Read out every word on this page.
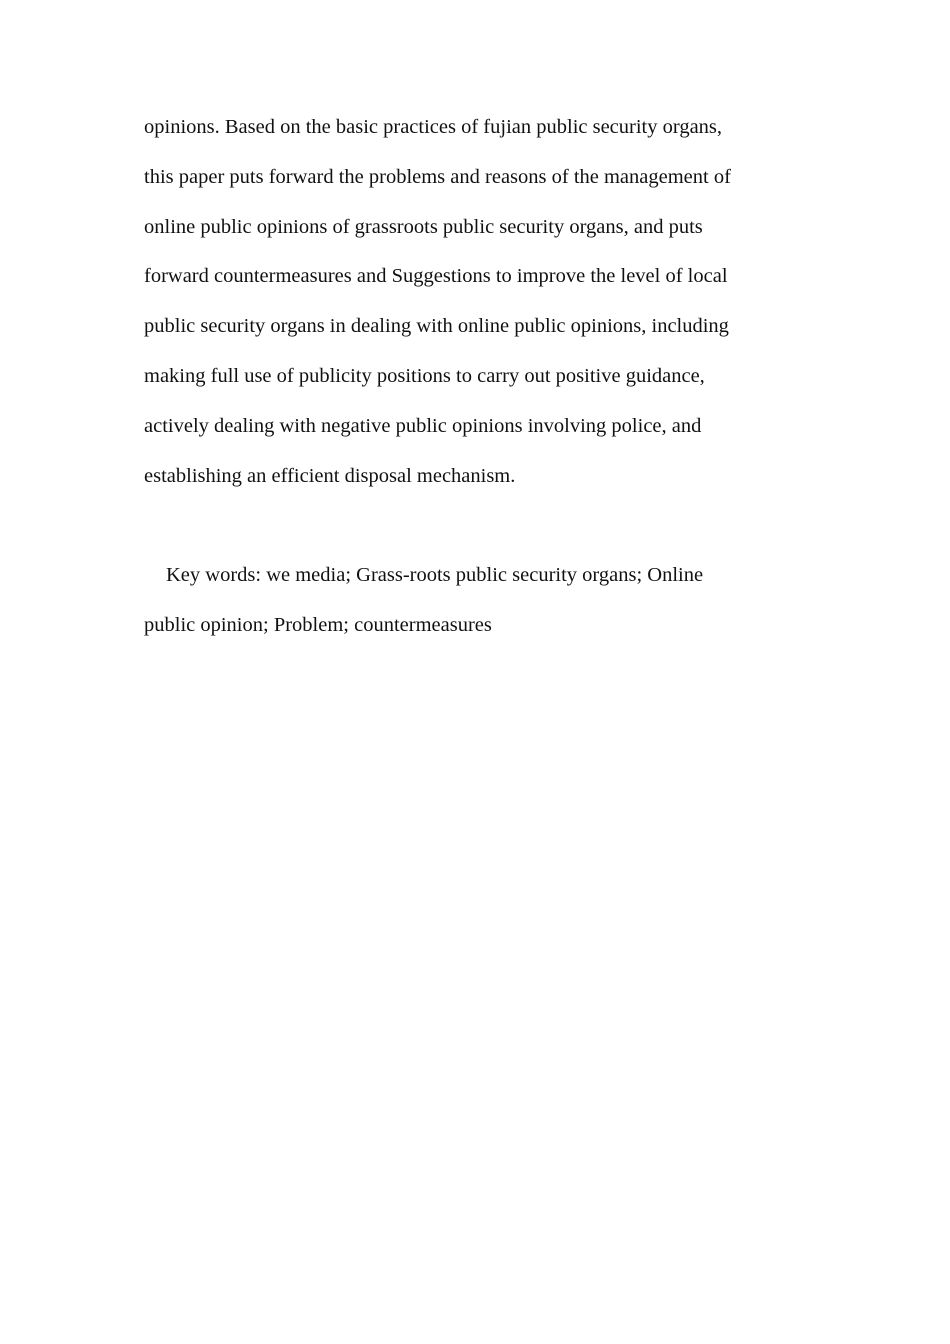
opinions. Based on the basic practices of fujian public security organs,
this paper puts forward the problems and reasons of the management of
online public opinions of grassroots public security organs, and puts
forward countermeasures and Suggestions to improve the level of local
public security organs in dealing with online public opinions, including
making full use of publicity positions to carry out positive guidance,
actively dealing with negative public opinions involving police, and
establishing an efficient disposal mechanism.
Key words: we media; Grass-roots public security organs; Online
public opinion; Problem; countermeasures
